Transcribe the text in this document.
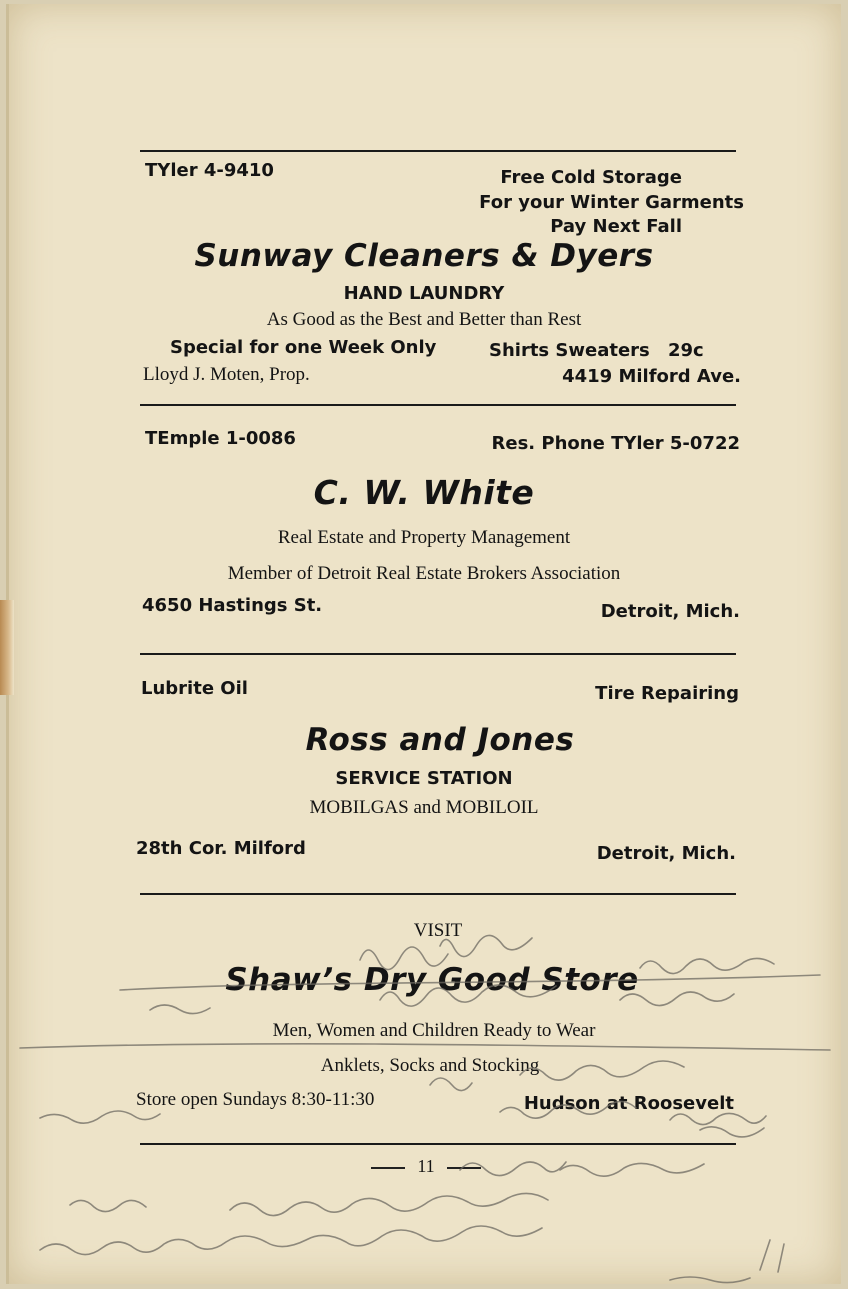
TYler 4-9410	Free Cold Storage
For your Winter Garments
Pay Next Fall
Sunway Cleaners & Dyers
HAND LAUNDRY
As Good as the Best and Better than Rest
Special for one Week Only	Shirts Sweaters 29c
Lloyd J. Moten, Prop.	4419 Milford Ave.
TEmple 1-0086	Res. Phone TYler 5-0722
C. W. White
Real Estate and Property Management
Member of Detroit Real Estate Brokers Association
4650 Hastings St.	Detroit, Mich.
Lubrite Oil	Tire Repairing
Ross and Jones
SERVICE STATION
MOBILGAS and MOBILOIL
28th Cor. Milford	Detroit, Mich.
VISIT
Shaw’s Dry Good Store
Men, Women and Children Ready to Wear
Anklets, Socks and Stocking
Store open Sundays 8:30-11:30	Hudson at Roosevelt
11
